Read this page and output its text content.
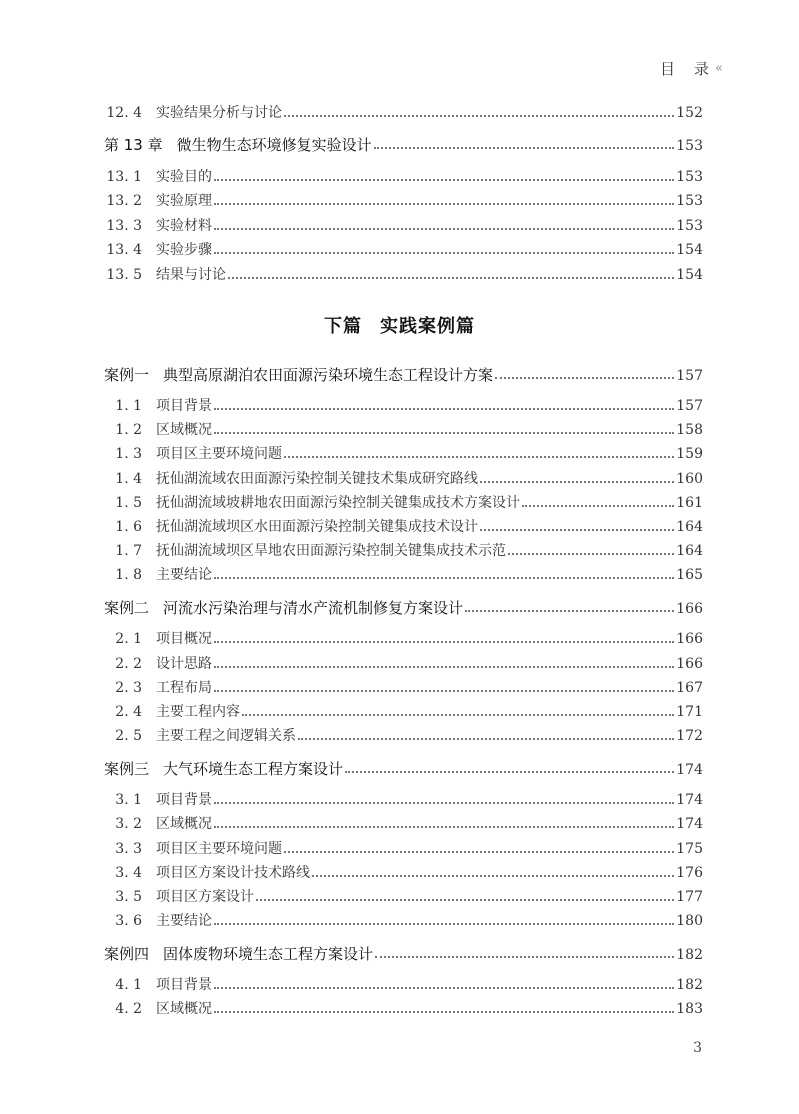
目　录 «
12. 4	实验结果分析与讨论	152
第 13 章 微生物生态环境修复实验设计	153
13. 1	实验目的	153
13. 2	实验原理	153
13. 3	实验材料	153
13. 4	实验步骤	154
13. 5	结果与讨论	154
案例一 典型高原湖泊农田面源污染环境生态工程设计方案	157
1. 1	项目背景	157
1. 2	区域概况	158
1. 3	项目区主要环境问题	159
1. 4	抚仙湖流域农田面源污染控制关键技术集成研究路线	160
1. 5	抚仙湖流域坡耕地农田面源污染控制关键集成技术方案设计	161
1. 6	抚仙湖流域坝区水田面源污染控制关键集成技术设计	164
1. 7	抚仙湖流域坝区旱地农田面源污染控制关键集成技术示范	164
1. 8	主要结论	165
案例二 河流水污染治理与清水产流机制修复方案设计	166
2. 1	项目概况	166
2. 2	设计思路	166
2. 3	工程布局	167
2. 4	主要工程内容	171
2. 5	主要工程之间逻辑关系	172
案例三 大气环境生态工程方案设计	174
3. 1	项目背景	174
3. 2	区域概况	174
3. 3	项目区主要环境问题	175
3. 4	项目区方案设计技术路线	176
3. 5	项目区方案设计	177
3. 6	主要结论	180
案例四 固体废物环境生态工程方案设计	182
4. 1	项目背景	182
4. 2	区域概况	183
下篇 实践案例篇
3
